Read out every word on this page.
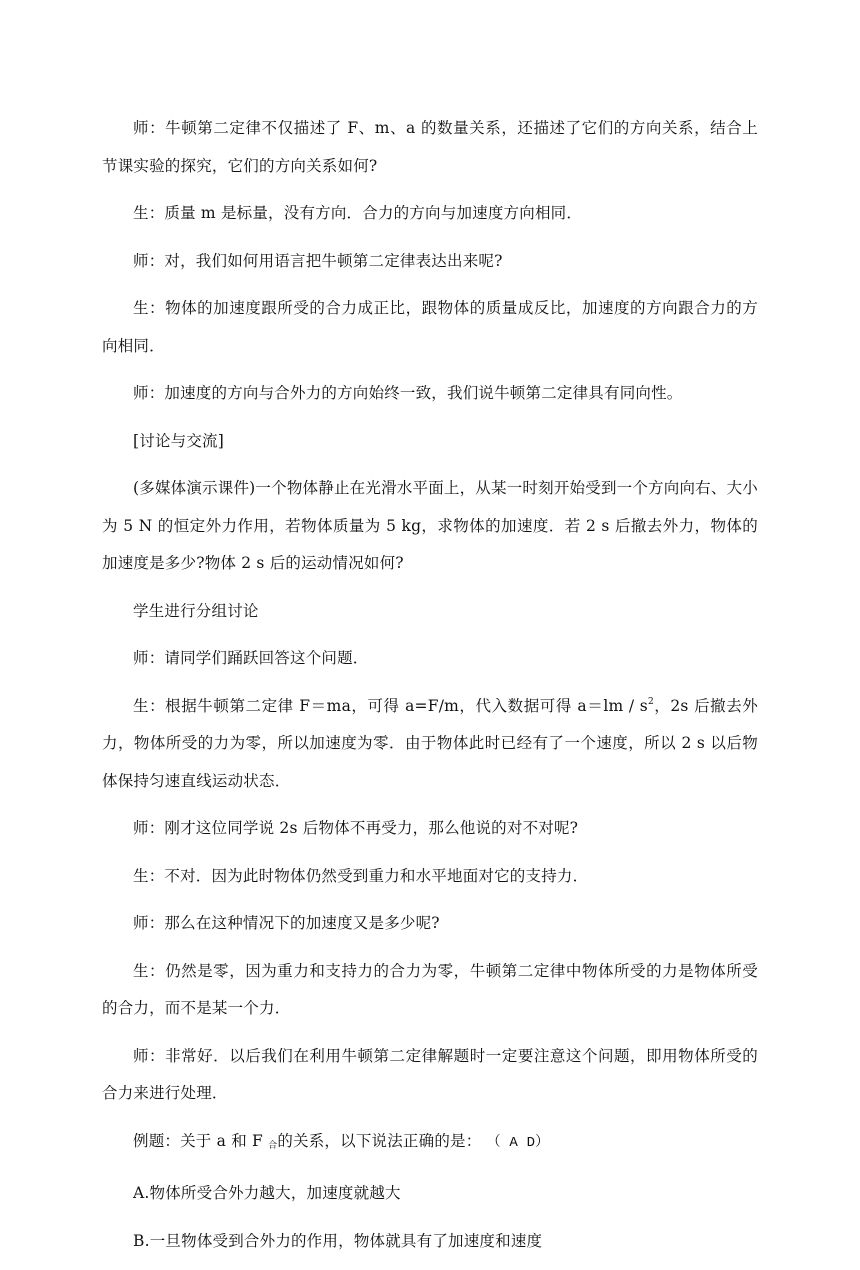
师：牛顿第二定律不仅描述了 F、m、a 的数量关系，还描述了它们的方向关系，结合上节课实验的探究，它们的方向关系如何?

生：质量 m 是标量，没有方向．合力的方向与加速度方向相同．

师：对，我们如何用语言把牛顿第二定律表达出来呢?

生：物体的加速度跟所受的合力成正比，跟物体的质量成反比，加速度的方向跟合力的方向相同．

师：加速度的方向与合外力的方向始终一致，我们说牛顿第二定律具有同向性。

[讨论与交流]

(多媒体演示课件)一个物体静止在光滑水平面上，从某一时刻开始受到一个方向向右、大小为 5 N 的恒定外力作用，若物体质量为 5 kg，求物体的加速度．若 2 s 后撤去外力，物体的加速度是多少?物体 2 s 后的运动情况如何?

学生进行分组讨论

师：请同学们踊跃回答这个问题．

生：根据牛顿第二定律 F＝ma，可得 a=F/m，代入数据可得 $a=lm / s^2$，2s 后撤去外力，物体所受的力为零，所以加速度为零．由于物体此时已经有了一个速度，所以 2 s 以后物体保持匀速直线运动状态．

师：刚才这位同学说 2s 后物体不再受力，那么他说的对不对呢?

生：不对．因为此时物体仍然受到重力和水平地面对它的支持力．

师：那么在这种情况下的加速度又是多少呢?

生：仍然是零，因为重力和支持力的合力为零，牛顿第二定律中物体所受的力是物体所受的合力，而不是某一个力．

师：非常好．以后我们在利用牛顿第二定律解题时一定要注意这个问题，即用物体所受的合力来进行处理．

例题：关于 a 和 F $_合$的关系，以下说法正确的是： （ A D）

A.物体所受合外力越大，加速度就越大

B.一旦物体受到合外力的作用，物体就具有了加速度和速度
